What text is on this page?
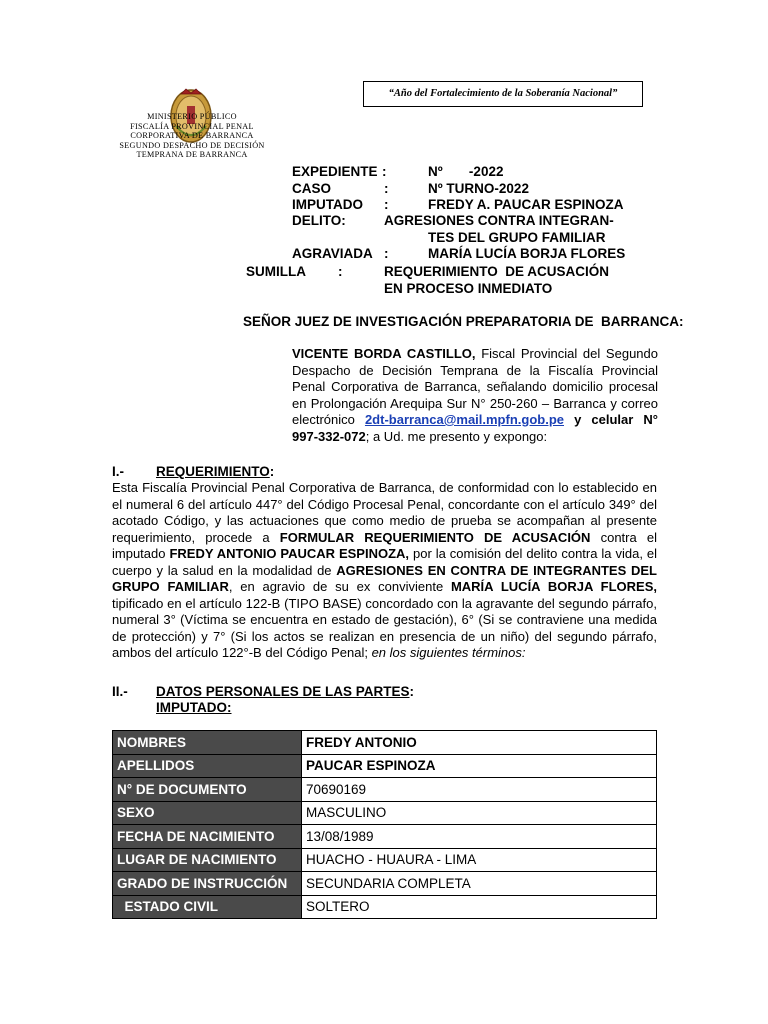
“Año del Fortalecimiento de la Soberanía Nacional”
MINISTERIO PÚBLICO
FISCALÍA PROVINCIAL PENAL
CORPORATIVA DE BARRANCA
SEGUNDO DESPACHO DE DECISIÓN
TEMPRANA DE BARRANCA
EXPEDIENTE :	Nº       -2022
CASO	:	Nº TURNO-2022
IMPUTADO :	FREDY A. PAUCAR ESPINOZA
DELITO:	AGRESIONES CONTRA INTEGRAN-
TES DEL GRUPO FAMILIAR
AGRAVIADA :	MARÍA LUCÍA BORJA FLORES
SUMILLA :	REQUERIMIENTO  DE ACUSACIÓN
EN PROCESO INMEDIATO
SEÑOR JUEZ DE INVESTIGACIÓN PREPARATORIA DE  BARRANCA:
VICENTE BORDA CASTILLO, Fiscal Provincial del Segundo Despacho de Decisión Temprana de la Fiscalía Provincial Penal Corporativa de Barranca, señalando domicilio procesal en Prolongación Arequipa Sur N° 250-260 – Barranca y correo electrónico 2dt-barranca@mail.mpfn.gob.pe y celular N° 997-332-072; a Ud. me presento y expongo:
I.- REQUERIMIENTO:
Esta Fiscalía Provincial Penal Corporativa de Barranca, de conformidad con lo establecido en el numeral 6 del artículo 447° del Código Procesal Penal, concordante con el artículo 349° del acotado Código, y las actuaciones que como medio de prueba se acompañan al presente requerimiento, procede a FORMULAR REQUERIMIENTO DE ACUSACIÓN contra el imputado FREDY ANTONIO PAUCAR ESPINOZA, por la comisión del delito contra la vida, el cuerpo y la salud en la modalidad de AGRESIONES EN CONTRA DE INTEGRANTES DEL GRUPO FAMILIAR, en agravio de su ex conviviente MARÍA LUCÍA BORJA FLORES, tipificado en el artículo 122-B (TIPO BASE) concordado con la agravante del segundo párrafo, numeral 3° (Víctima se encuentra en estado de gestación), 6° (Si se contraviene una medida de protección) y 7° (Si los actos se realizan en presencia de un niño) del segundo párrafo, ambos del artículo 122°-B del Código Penal; en los siguientes términos:
II.- DATOS PERSONALES DE LAS PARTES:
IMPUTADO:
NOMBRES	FREDY ANTONIO
APELLIDOS	PAUCAR ESPINOZA
N° DE DOCUMENTO	70690169
SEXO	MASCULINO
FECHA DE NACIMIENTO	13/08/1989
LUGAR DE NACIMIENTO	HUACHO - HUAURA - LIMA
GRADO DE INSTRUCCIÓN	SECUNDARIA COMPLETA
ESTADO CIVIL	SOLTERO
